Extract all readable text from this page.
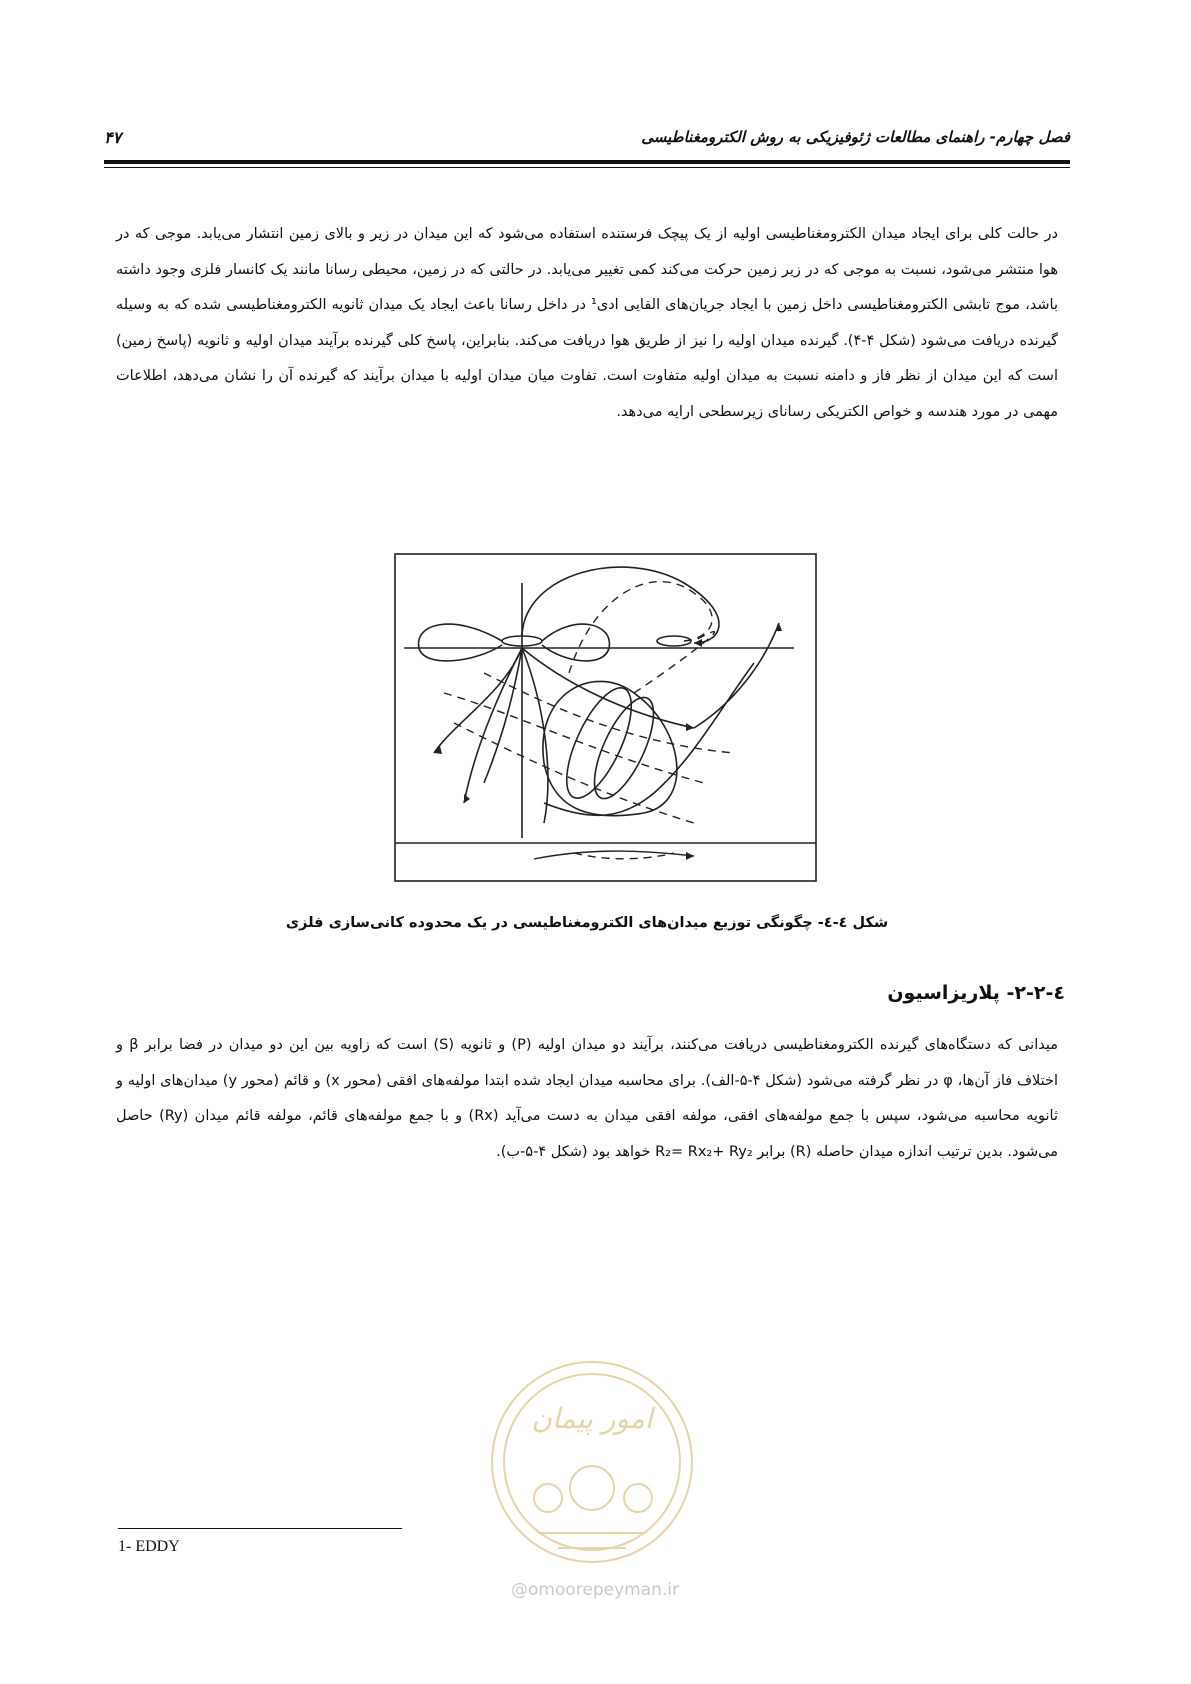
فصل چهارم- راهنمای مطالعات ژئوفیزیکی به روش الکترومغناطیسی
۴۷
در حالت کلی برای ایجاد میدان الکترومغناطیسی اولیه از یک پیچک فرستنده استفاده می‌شود که این میدان در زیر و بالای زمین انتشار می‌یابد. موجی که در هوا منتشر می‌شود، نسبت به موجی که در زیر زمین حرکت می‌کند کمی تغییر می‌یابد. در حالتی که در زمین، محیطی رسانا مانند یک کانسار فلزی وجود داشته باشد، موج تابشی الکترومغناطیسی داخل زمین با ایجاد جریان‌های القایی ادی¹ در داخل رسانا باعث ایجاد یک میدان ثانویه الکترومغناطیسی شده که به وسیله گیرنده دریافت می‌شود (شکل ۴-۴). گیرنده میدان اولیه را نیز از طریق هوا دریافت می‌کند. بنابراین، پاسخ کلی گیرنده برآیند میدان اولیه و ثانویه (پاسخ زمین) است که این میدان از نظر فاز و دامنه نسبت به میدان اولیه متفاوت است. تفاوت میان میدان اولیه با میدان برآیند که گیرنده آن را نشان می‌دهد، اطلاعات مهمی در مورد هندسه و خواص الکتریکی رسانای زیرسطحی ارایه می‌دهد.
شکل ٤-٤- چگونگی توزیع میدان‌های الکترومغناطیسی در یک محدوده کانی‌سازی فلزی
٤-٢-٢- پلاریزاسیون
میدانی که دستگاه‌های گیرنده الکترومغناطیسی دریافت می‌کنند، برآیند دو میدان اولیه (P) و ثانویه (S) است که زاویه بین این دو میدان در فضا برابر β و اختلاف فاز آن‌ها، φ در نظر گرفته می‌شود (شکل ۴-۵-الف). برای محاسبه میدان ایجاد شده ابتدا مولفه‌های افقی (محور x) و قائم (محور y) میدان‌های اولیه و ثانویه محاسبه می‌شود، سپس با جمع مولفه‌های افقی، مولفه افقی میدان به دست می‌آید (Rx) و با جمع مولفه‌های قائم، مولفه قائم میدان (Ry) حاصل می‌شود. بدین ترتیب اندازه میدان حاصله (R) برابر R₂= Rx₂+ Ry₂ خواهد بود (شکل ۴-۵-ب).
امور پیمان
1- EDDY
@omoorepeyman.ir
